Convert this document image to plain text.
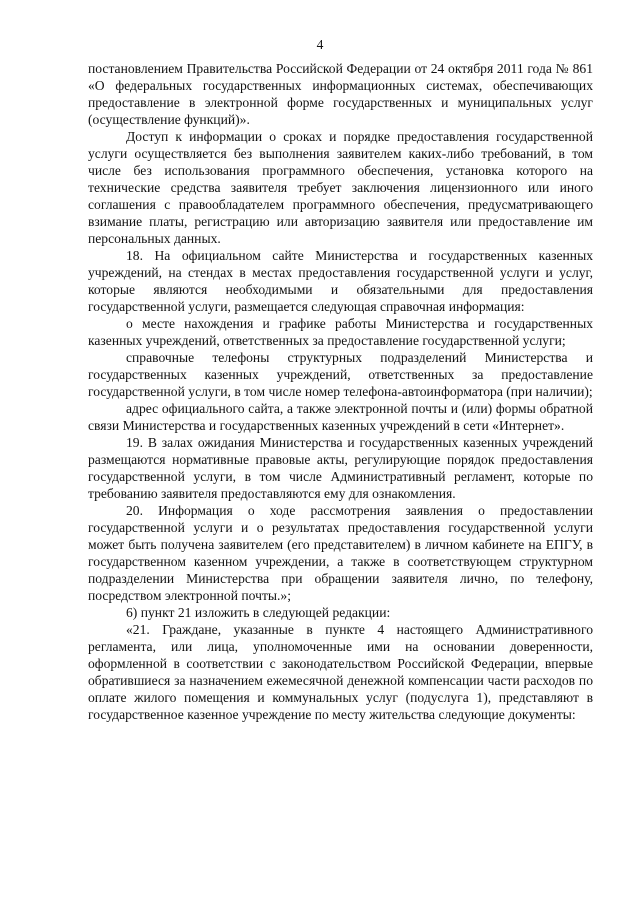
4

постановлением Правительства Российской Федерации от 24 октября 2011 года № 861 «О федеральных государственных информационных системах, обеспечивающих предоставление в электронной форме государственных и муниципальных услуг (осуществление функций)».

Доступ к информации о сроках и порядке предоставления государственной услуги осуществляется без выполнения заявителем каких-либо требований, в том числе без использования программного обеспечения, установка которого на технические средства заявителя требует заключения лицензионного или иного соглашения с правообладателем программного обеспечения, предусматривающего взимание платы, регистрацию или авторизацию заявителя или предоставление им персональных данных.

18. На официальном сайте Министерства и государственных казенных учреждений, на стендах в местах предоставления государственной услуги и услуг, которые являются необходимыми и обязательными для предоставления государственной услуги, размещается следующая справочная информация:

о месте нахождения и графике работы Министерства и государственных казенных учреждений, ответственных за предоставление государственной услуги;

справочные телефоны структурных подразделений Министерства и государственных казенных учреждений, ответственных за предоставление государственной услуги, в том числе номер телефона-автоинформатора (при наличии);

адрес официального сайта, а также электронной почты и (или) формы обратной связи Министерства и государственных казенных учреждений в сети «Интернет».

19. В залах ожидания Министерства и государственных казенных учреждений размещаются нормативные правовые акты, регулирующие порядок предоставления государственной услуги, в том числе Административный регламент, которые по требованию заявителя предоставляются ему для ознакомления.

20. Информация о ходе рассмотрения заявления о предоставлении государственной услуги и о результатах предоставления государственной услуги может быть получена заявителем (его представителем) в личном кабинете на ЕПГУ, в государственном казенном учреждении, а также в соответствующем структурном подразделении Министерства при обращении заявителя лично, по телефону, посредством электронной почты.»;

6) пункт 21 изложить в следующей редакции:

«21. Граждане, указанные в пункте 4 настоящего Административного регламента, или лица, уполномоченные ими на основании доверенности, оформленной в соответствии с законодательством Российской Федерации, впервые обратившиеся за назначением ежемесячной денежной компенсации части расходов по оплате жилого помещения и коммунальных услуг (подуслуга 1), представляют в государственное казенное учреждение по месту жительства следующие документы:
